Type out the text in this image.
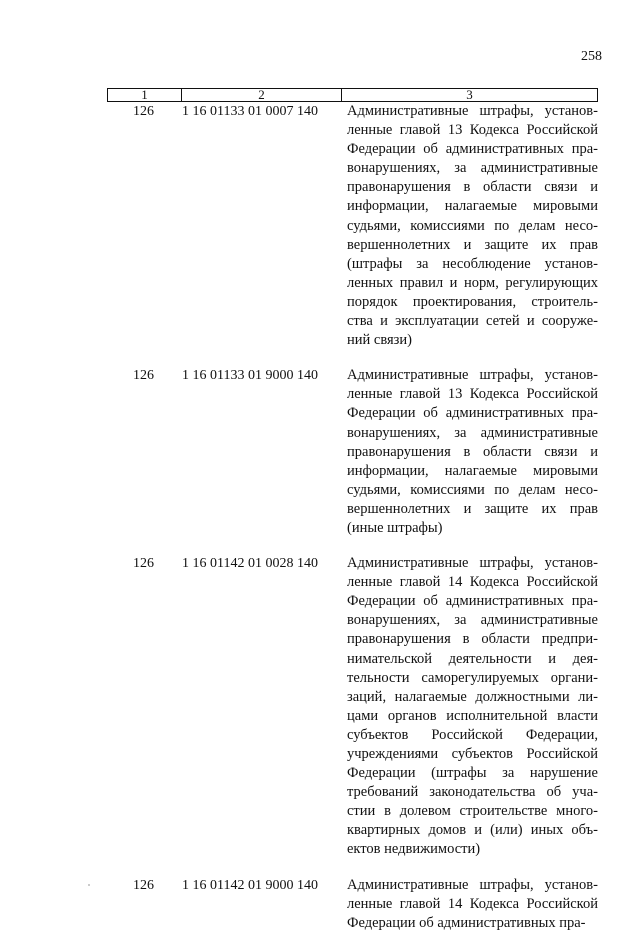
258
1	2	3
126	1 16 01133 01 0007 140	Административные штрафы, установ-
ленные главой 13 Кодекса Российской
Федерации об административных пра-
вонарушениях, за административные
правонарушения в области связи и
информации, налагаемые мировыми
судьями, комиссиями по делам несо-
вершеннолетних и защите их прав
(штрафы за несоблюдение установ-
ленных правил и норм, регулирующих
порядок проектирования, строитель-
ства и эксплуатации сетей и сооруже-
ний связи)
126	1 16 01133 01 9000 140	Административные штрафы, установ-
ленные главой 13 Кодекса Российской
Федерации об административных пра-
вонарушениях, за административные
правонарушения в области связи и
информации, налагаемые мировыми
судьями, комиссиями по делам несо-
вершеннолетних и защите их прав
(иные штрафы)
126	1 16 01142 01 0028 140	Административные штрафы, установ-
ленные главой 14 Кодекса Российской
Федерации об административных пра-
вонарушениях, за административные
правонарушения в области предпри-
нимательской деятельности и дея-
тельности саморегулируемых органи-
заций, налагаемые должностными ли-
цами органов исполнительной власти
субъектов Российской Федерации,
учреждениями субъектов Российской
Федерации (штрафы за нарушение
требований законодательства об уча-
стии в долевом строительстве много-
квартирных домов и (или) иных объ-
ектов недвижимости)
126	1 16 01142 01 9000 140	Административные штрафы, установ-
ленные главой 14 Кодекса Российской
Федерации об административных пра-
